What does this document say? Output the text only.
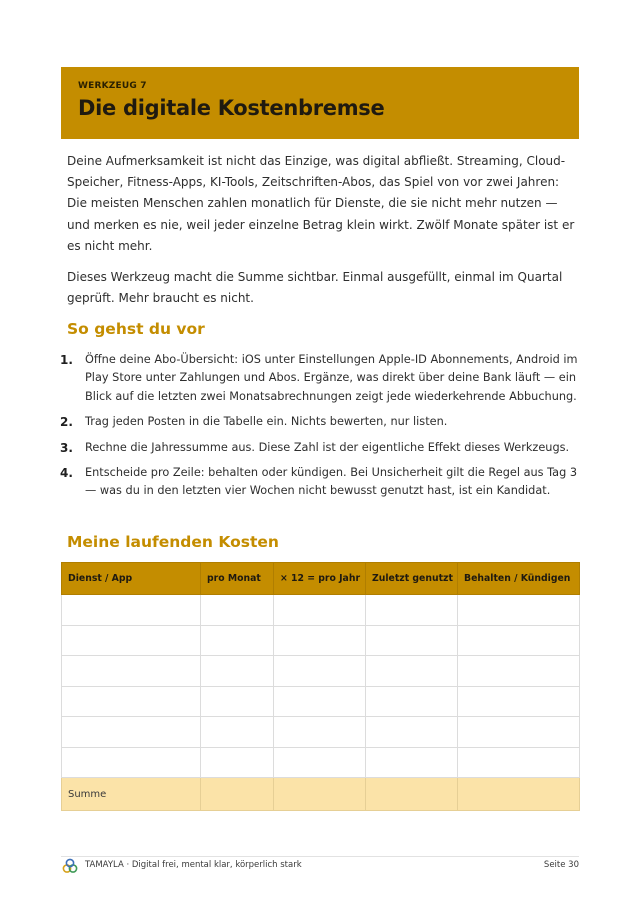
WERKZEUG 7
Die digitale Kostenbremse

Deine Aufmerksamkeit ist nicht das Einzige, was digital abfließt. Streaming, Cloud-Speicher, Fitness-Apps, KI-Tools, Zeitschriften-Abos, das Spiel von vor zwei Jahren: Die meisten Menschen zahlen monatlich für Dienste, die sie nicht mehr nutzen — und merken es nie, weil jeder einzelne Betrag klein wirkt. Zwölf Monate später ist er es nicht mehr.

Dieses Werkzeug macht die Summe sichtbar. Einmal ausgefüllt, einmal im Quartal geprüft. Mehr braucht es nicht.

So gehst du vor
1.	Öffne deine Abo-Übersicht: iOS unter Einstellungen Apple-ID Abonnements, Android im Play Store unter Zahlungen und Abos. Ergänze, was direkt über deine Bank läuft — ein Blick auf die letzten zwei Monatsabrechnungen zeigt jede wiederkehrende Abbuchung.
2.	Trag jeden Posten in die Tabelle ein. Nichts bewerten, nur listen.
3.	Rechne die Jahressumme aus. Diese Zahl ist der eigentliche Effekt dieses Werkzeugs.
4.	Entscheide pro Zeile: behalten oder kündigen. Bei Unsicherheit gilt die Regel aus Tag 3 — was du in den letzten vier Wochen nicht bewusst genutzt hast, ist ein Kandidat.
Meine laufenden Kosten
Dienst / App	pro Monat	× 12 = pro Jahr	Zuletzt genutzt	Behalten / Kündigen

Summe				
TAMAYLA · Digital frei, mental klar, körperlich stark	Seite 30
